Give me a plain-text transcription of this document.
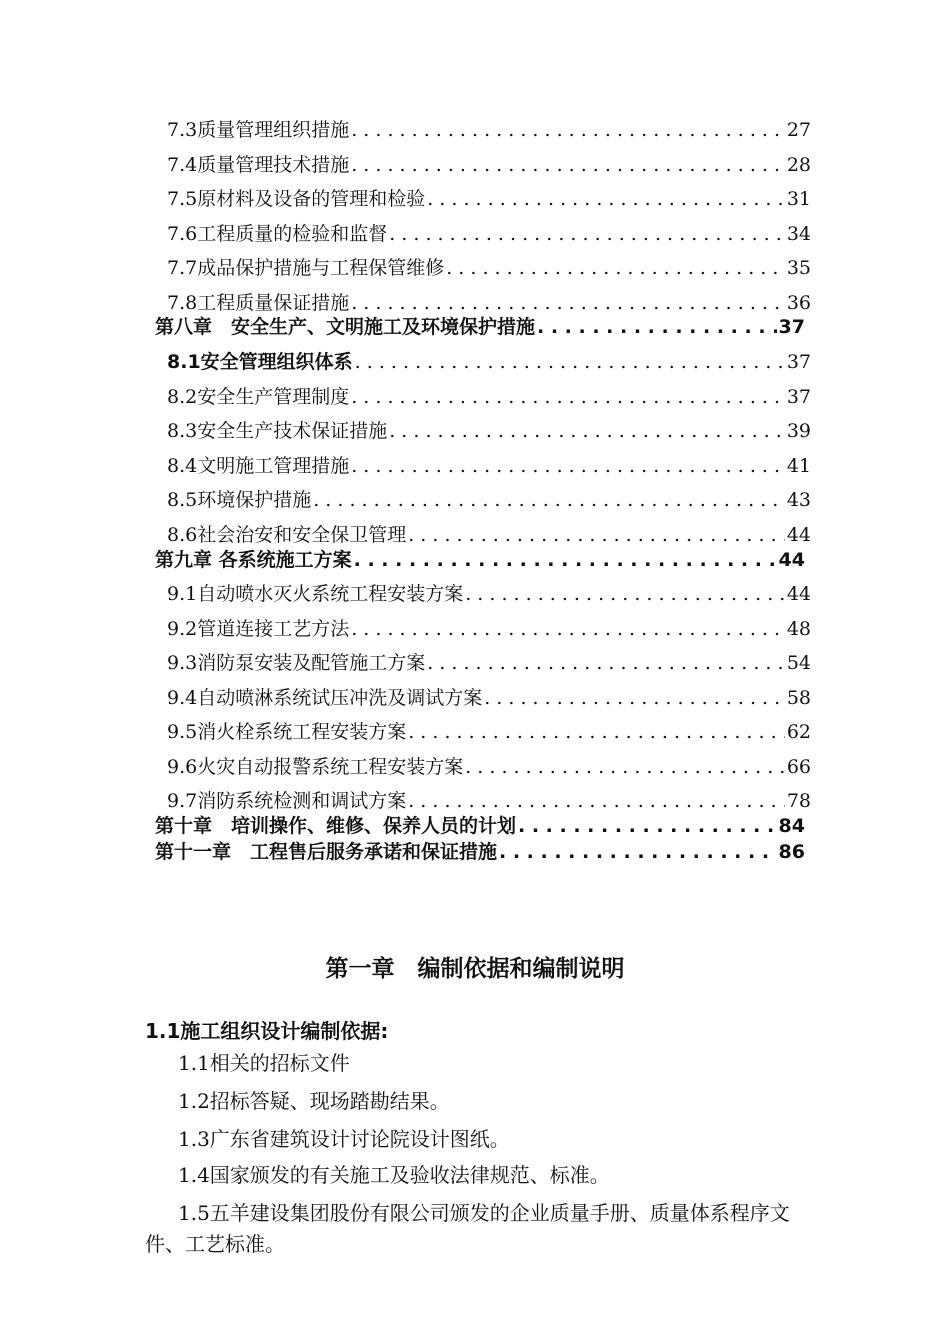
7.3质量管理组织措施 . . .	27
7.4质量管理技术措施 . . .	28
7.5原材料及设备的管理和检验 . . .	31
7.6工程质量的检验和监督 . . .	34
7.7成品保护措施与工程保管维修 . . .	35
7.8工程质量保证措施 . . .	36
第八章　安全生产、文明施工及环境保护措施 . . .	37
8.1安全管理组织体系 . . .	37
8.2安全生产管理制度 . . .	37
8.3安全生产技术保证措施 . . .	39
8.4文明施工管理措施 . . .	41
8.5环境保护措施 . . .	43
8.6社会治安和安全保卫管理 . . .	44
第九章 各系统施工方案 . . .	44
9.1自动喷水灭火系统工程安装方案 . . .	44
9.2管道连接工艺方法 . . .	48
9.3消防泵安装及配管施工方案 . . .	54
9.4自动喷淋系统试压冲洗及调试方案 . . .	58
9.5消火栓系统工程安装方案 . . .	62
9.6火灾自动报警系统工程安装方案 . . .	66
9.7消防系统检测和调试方案 . . .	78
第十章　培训操作、维修、保养人员的计划 . . .	84
第十一章　工程售后服务承诺和保证措施 . . .	86
第一章　编制依据和编制说明
1.1施工组织设计编制依据:
1.1相关的招标文件
1.2招标答疑、现场踏勘结果。
1.3广东省建筑设计讨论院设计图纸。
1.4国家颁发的有关施工及验收法律规范、标准。
1.5五羊建设集团股份有限公司颁发的企业质量手册、质量体系程序文件、工艺标准。
